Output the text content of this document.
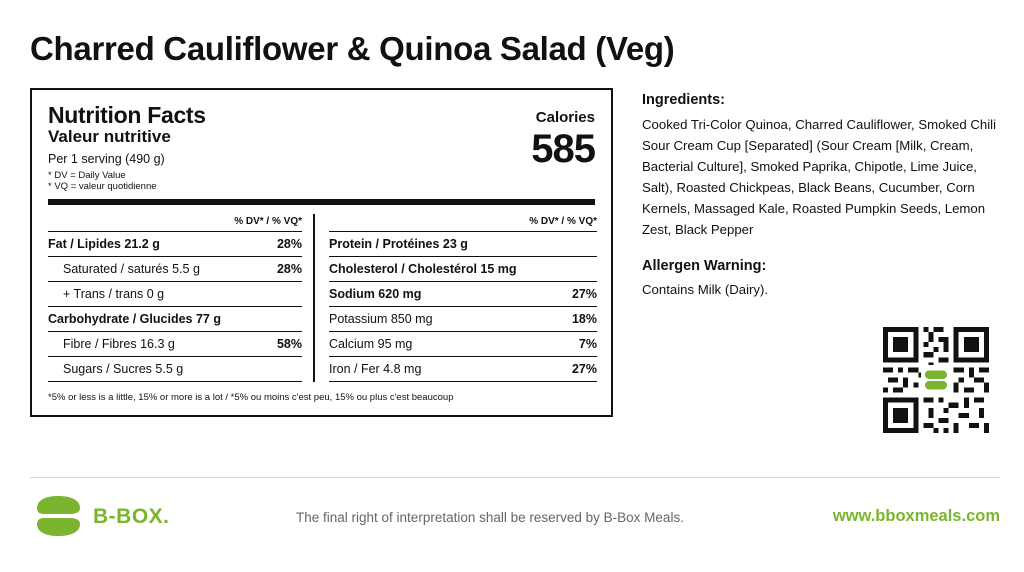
Charred Cauliflower & Quinoa Salad (Veg)
Nutrition Facts
Valeur nutritive
Per 1 serving (490 g)
* DV = Daily Value
* VQ = valeur quotidienne
Calories
585
% DV* / % VQ*
Fat / Lipides 21.2 g	28%
Saturated / saturés 5.5 g	28%
+ Trans / trans 0 g
Carbohydrate / Glucides 77 g
Fibre / Fibres 16.3 g	58%
Sugars / Sucres 5.5 g
% DV* / % VQ*
Protein / Protéines 23 g
Cholesterol / Cholestérol 15 mg
Sodium 620 mg	27%
Potassium 850 mg	18%
Calcium 95 mg	7%
Iron / Fer 4.8 mg	27%
*5% or less is a little, 15% or more is a lot / *5% ou moins c'est peu, 15% ou plus c'est beaucoup
Ingredients:

Cooked Tri-Color Quinoa, Charred Cauliflower, Smoked Chili Sour Cream Cup [Separated] (Sour Cream [Milk, Cream, Bacterial Culture], Smoked Paprika, Chipotle, Lime Juice, Salt), Roasted Chickpeas, Black Beans, Cucumber, Corn Kernels, Massaged Kale, Roasted Pumpkin Seeds, Lemon Zest, Black Pepper

Allergen Warning:
Contains Milk (Dairy).
B-BOX.	The final right of interpretation shall be reserved by B-Box Meals.	www.bboxmeals.com
